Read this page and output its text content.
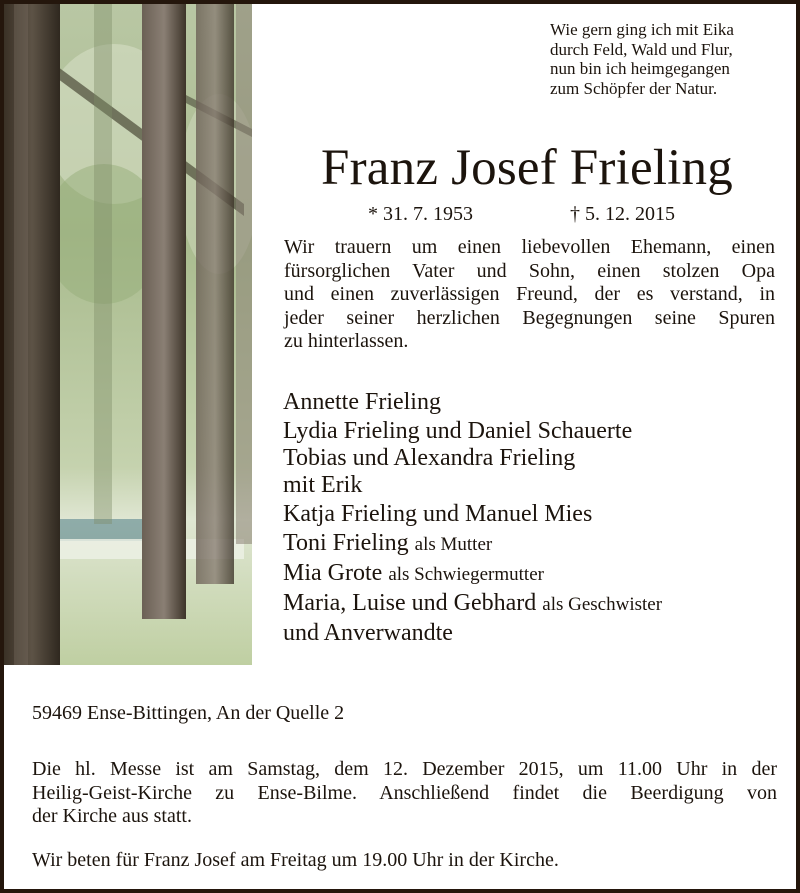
Wie gern ging ich mit Eika
durch Feld, Wald und Flur,
nun bin ich heimgegangen
zum Schöpfer der Natur.
Franz Josef Frieling
* 31. 7. 1953	† 5. 12. 2015
Wir trauern um einen liebevollen Ehemann, einen
fürsorglichen Vater und Sohn, einen stolzen Opa
und einen zuverlässigen Freund, der es verstand, in
jeder seiner herzlichen Begegnungen seine Spuren
zu hinterlassen.
Annette Frieling
Lydia Frieling und Daniel Schauerte
Tobias und Alexandra Frieling
mit Erik
Katja Frieling und Manuel Mies
Toni Frieling als Mutter
Mia Grote als Schwiegermutter
Maria, Luise und Gebhard als Geschwister
und Anverwandte
59469 Ense-Bittingen, An der Quelle 2
Die hl. Messe ist am Samstag, dem 12. Dezember 2015, um 11.00 Uhr in der
Heilig-Geist-Kirche zu Ense-Bilme. Anschließend findet die Beerdigung von
der Kirche aus statt.
Wir beten für Franz Josef am Freitag um 19.00 Uhr in der Kirche.
